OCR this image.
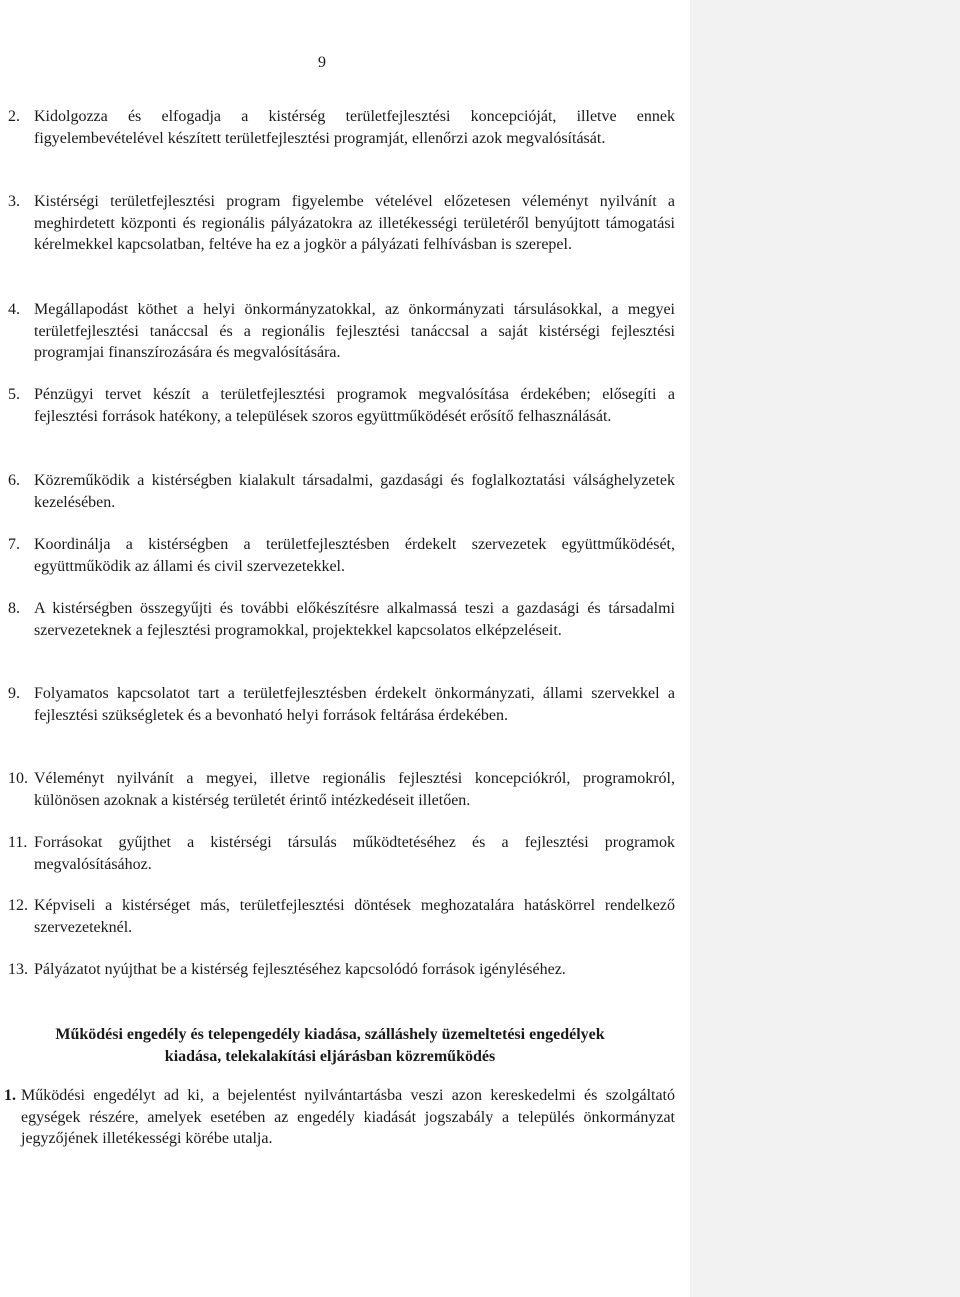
9
2. Kidolgozza és elfogadja a kistérség területfejlesztési koncepcióját, illetve ennek figyelembevételével készített területfejlesztési programját, ellenőrzi azok megvalósítását.
3. Kistérségi területfejlesztési program figyelembe vételével előzetesen véleményt nyilvánít a meghirdetett központi és regionális pályázatokra az illetékességi területéről benyújtott támogatási kérelmekkel kapcsolatban, feltéve ha ez a jogkör a pályázati felhívásban is szerepel.
4. Megállapodást köthet a helyi önkormányzatokkal, az önkormányzati társulásokkal, a megyei területfejlesztési tanáccsal és a regionális fejlesztési tanáccsal a saját kistérségi fejlesztési programjai finanszírozására és megvalósítására.
5. Pénzügyi tervet készít a területfejlesztési programok megvalósítása érdekében; elősegíti a fejlesztési források hatékony, a települések szoros együttműködését erősítő felhasználását.
6. Közreműködik a kistérségben kialakult társadalmi, gazdasági és foglalkoztatási válsághelyzetek kezelésében.
7. Koordinálja a kistérségben a területfejlesztésben érdekelt szervezetek együttműködését, együttműködik az állami és civil szervezetekkel.
8. A kistérségben összegyűjti és további előkészítésre alkalmassá teszi a gazdasági és társadalmi szervezeteknek a fejlesztési programokkal, projektekkel kapcsolatos elképzeléseit.
9. Folyamatos kapcsolatot tart a területfejlesztésben érdekelt önkormányzati, állami szervekkel a fejlesztési szükségletek és a bevonható helyi források feltárása érdekében.
10. Véleményt nyilvánít a megyei, illetve regionális fejlesztési koncepciókról, programokról, különösen azoknak a kistérség területét érintő intézkedéseit illetően.
11. Forrásokat gyűjthet a kistérségi társulás működtetéséhez és a fejlesztési programok megvalósításához.
12. Képviseli a kistérséget más, területfejlesztési döntések meghozatalára hatáskörrel rendelkező szervezeteknél.
13. Pályázatot nyújthat be a kistérség fejlesztéséhez kapcsolódó források igényléséhez.
Működési engedély és telepengedély kiadása, szálláshely üzemeltetési engedélyek
kiadása, telekalakítási eljárásban közreműködés
1. Működési engedélyt ad ki, a bejelentést nyilvántartásba veszi azon kereskedelmi és szolgáltató egységek részére, amelyek esetében az engedély kiadását jogszabály a település önkormányzat jegyzőjének illetékességi körébe utalja.
